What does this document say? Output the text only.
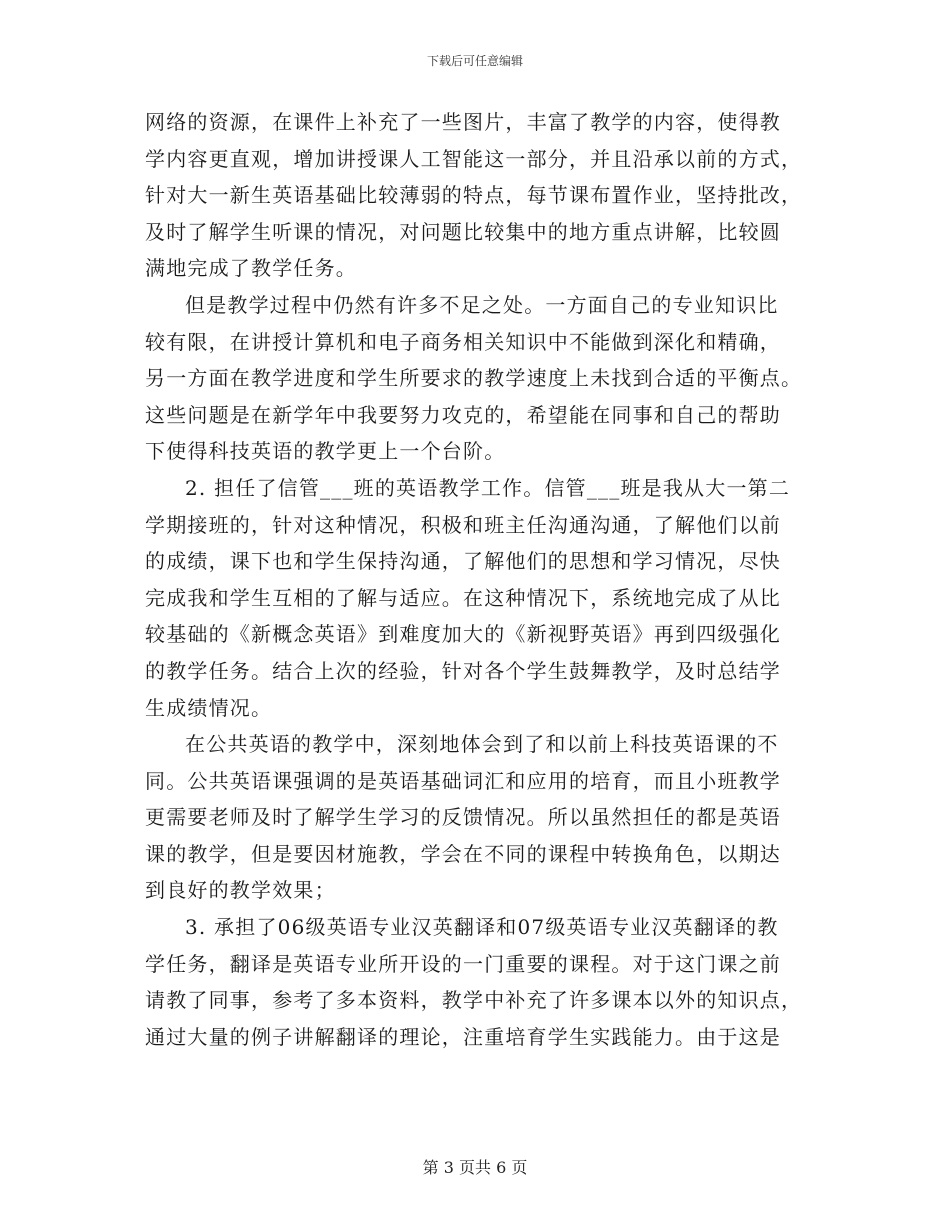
下载后可任意编辑
网络的资源，在课件上补充了一些图片，丰富了教学的内容，使得教
学内容更直观，增加讲授课人工智能这一部分，并且沿承以前的方式，
针对大一新生英语基础比较薄弱的特点，每节课布置作业，坚持批改，
及时了解学生听课的情况，对问题比较集中的地方重点讲解，比较圆
满地完成了教学任务。
但是教学过程中仍然有许多不足之处。一方面自己的专业知识比
较有限，在讲授计算机和电子商务相关知识中不能做到深化和精确，
另一方面在教学进度和学生所要求的教学速度上未找到合适的平衡点。
这些问题是在新学年中我要努力攻克的，希望能在同事和自己的帮助
下使得科技英语的教学更上一个台阶。
2. 担任了信管___班的英语教学工作。信管___班是我从大一第二
学期接班的，针对这种情况，积极和班主任沟通沟通，了解他们以前
的成绩，课下也和学生保持沟通，了解他们的思想和学习情况，尽快
完成我和学生互相的了解与适应。在这种情况下，系统地完成了从比
较基础的《新概念英语》到难度加大的《新视野英语》再到四级强化
的教学任务。结合上次的经验，针对各个学生鼓舞教学，及时总结学
生成绩情况。
在公共英语的教学中，深刻地体会到了和以前上科技英语课的不
同。公共英语课强调的是英语基础词汇和应用的培育，而且小班教学
更需要老师及时了解学生学习的反馈情况。所以虽然担任的都是英语
课的教学，但是要因材施教，学会在不同的课程中转换角色，以期达
到良好的教学效果；
3. 承担了06级英语专业汉英翻译和07级英语专业汉英翻译的教
学任务，翻译是英语专业所开设的一门重要的课程。对于这门课之前
请教了同事，参考了多本资料，教学中补充了许多课本以外的知识点，
通过大量的例子讲解翻译的理论，注重培育学生实践能力。由于这是
第 3 页共 6 页
